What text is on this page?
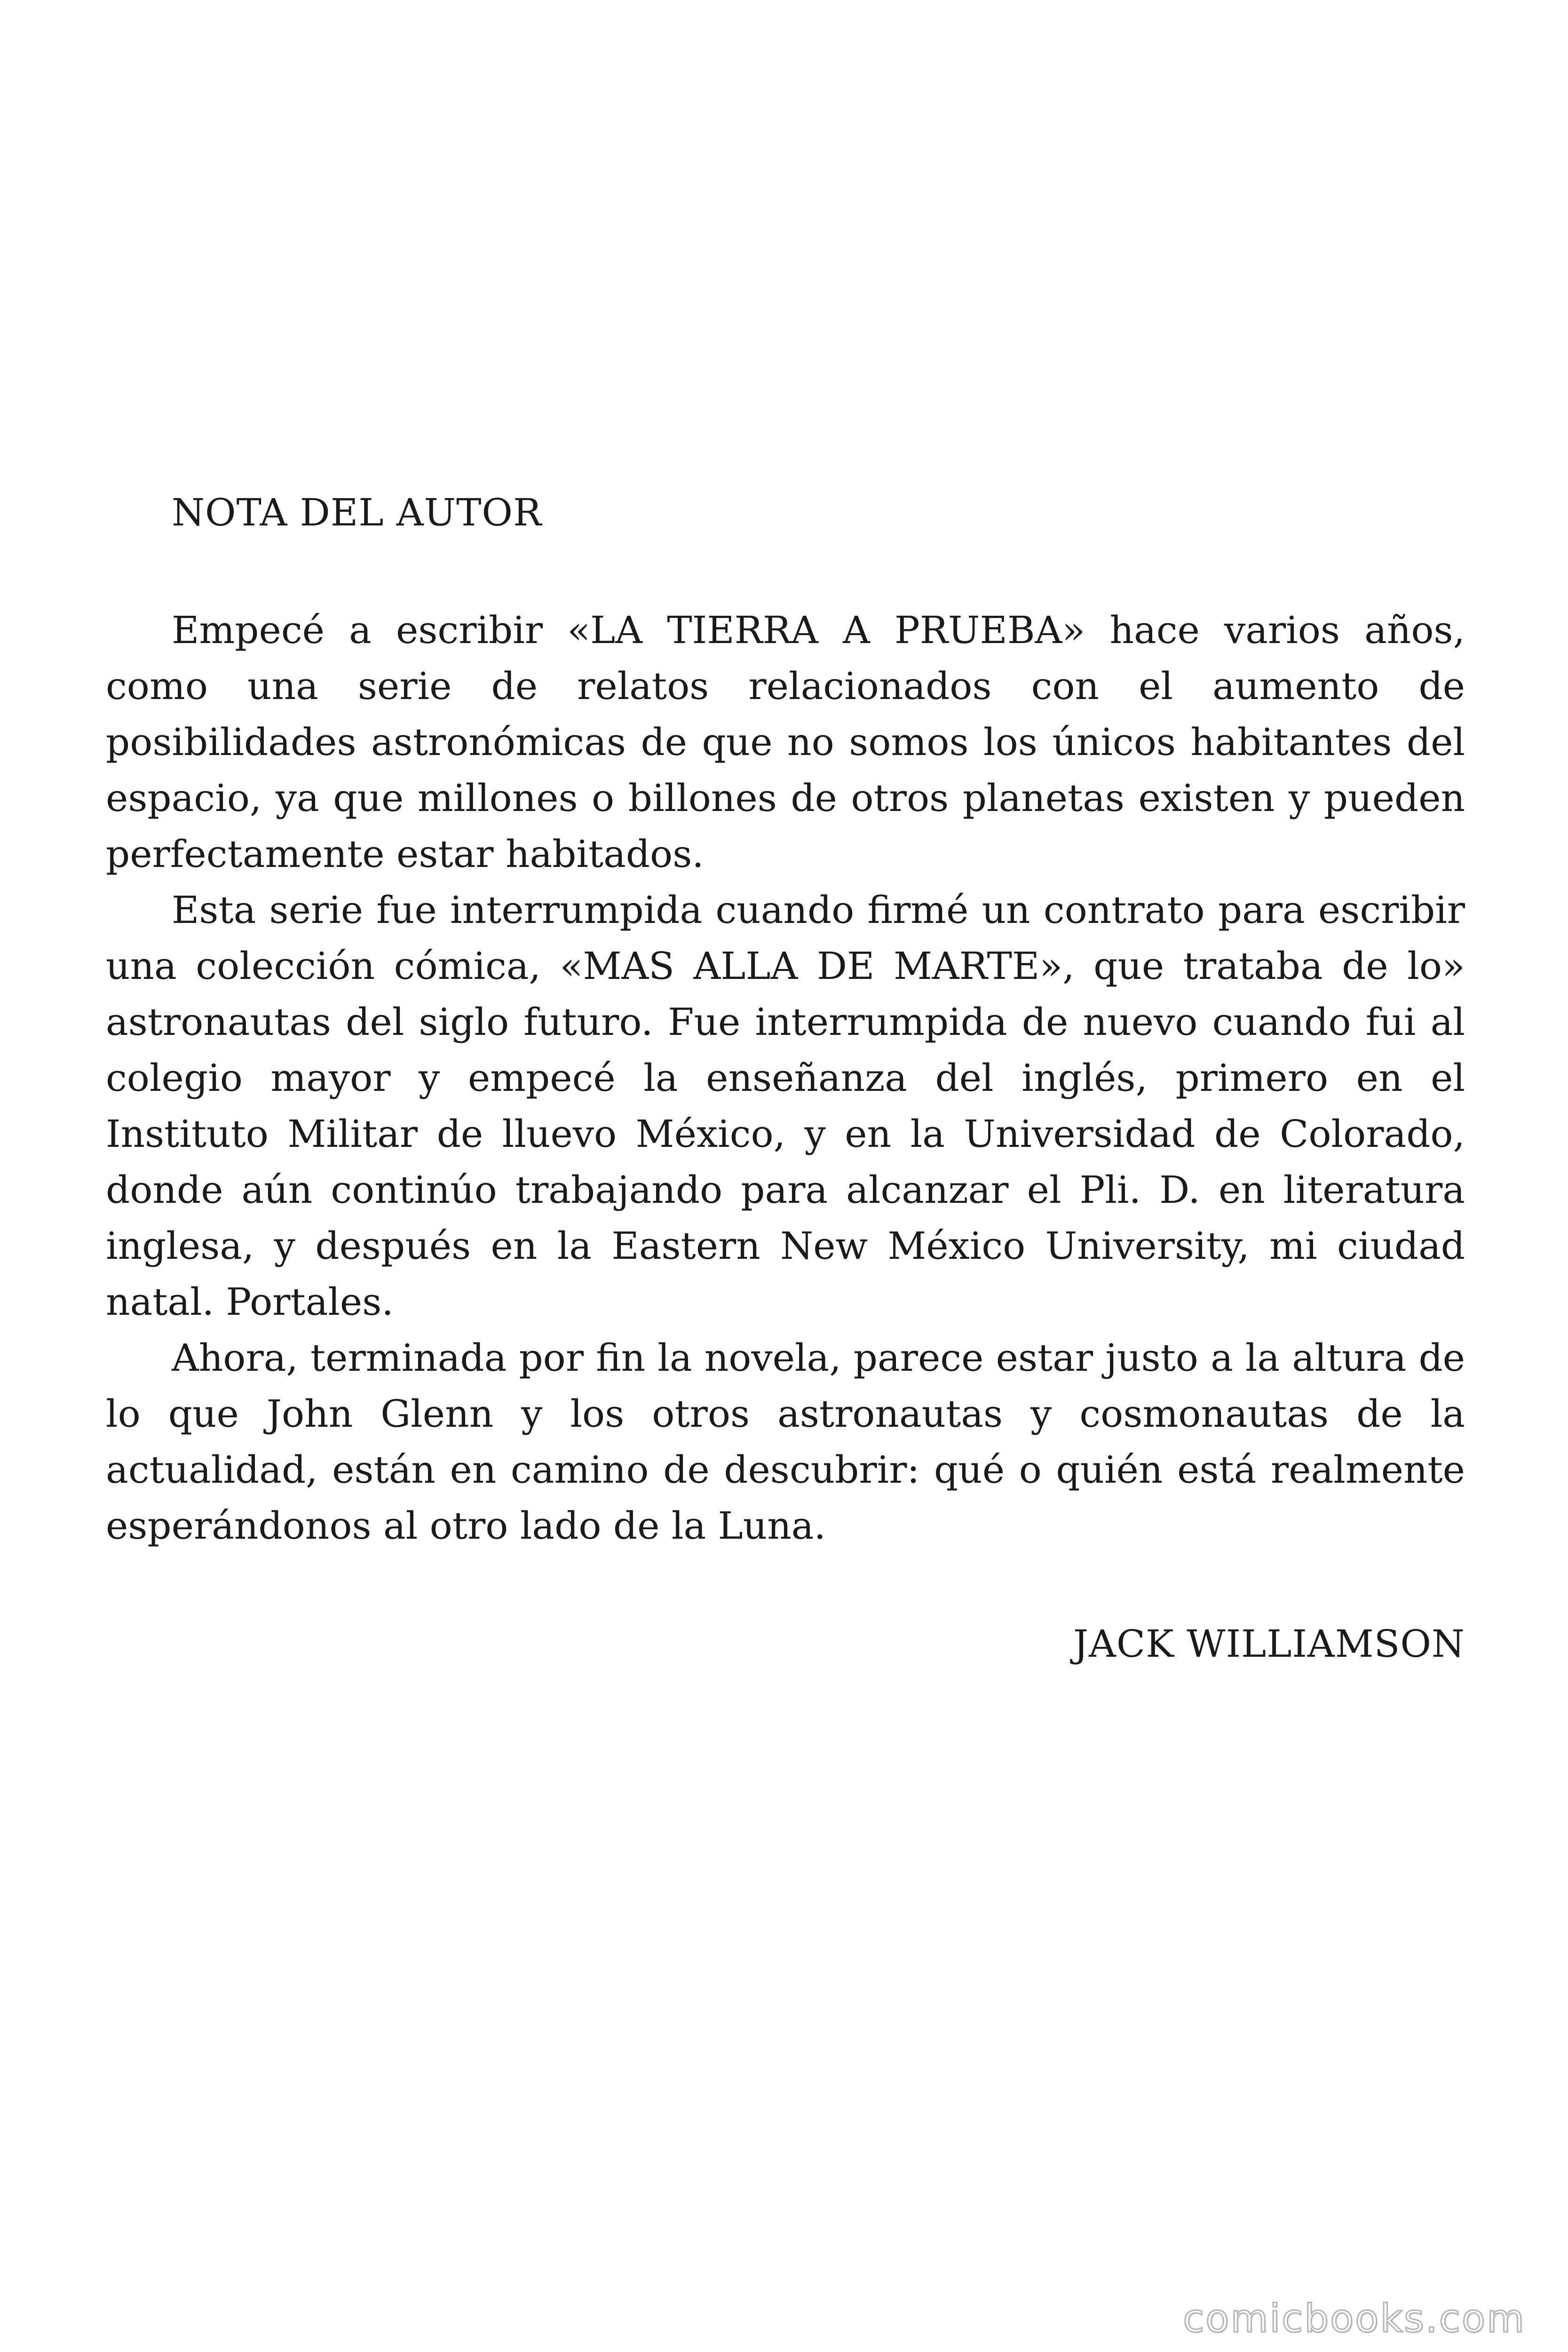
NOTA DEL AUTOR

Empecé a escribir «LA TIERRA A PRUEBA» hace varios años, como una serie de relatos relacionados con el aumento de posibilidades astronómicas de que no somos los únicos habitantes del espacio, ya que millones o billones de otros planetas existen y pueden perfectamente estar habitados.

Esta serie fue interrumpida cuando firmé un contrato para escribir una colección cómica, «MAS ALLA DE MARTE», que trataba de lo» astronautas del siglo futuro. Fue interrumpida de nuevo cuando fui al colegio mayor y empecé la enseñanza del inglés, primero en el Instituto Militar de lluevo México, y en la Universidad de Colorado, donde aún continúo trabajando para alcanzar el Pli. D. en literatura inglesa, y después en la Eastern New México University, mi ciudad natal. Portales.

Ahora, terminada por fin la novela, parece estar justo a la altura de lo que John Glenn y los otros astronautas y cosmonautas de la actualidad, están en camino de descubrir: qué o quién está realmente esperándonos al otro lado de la Luna.

JACK WILLIAMSON
comicbooks.com
